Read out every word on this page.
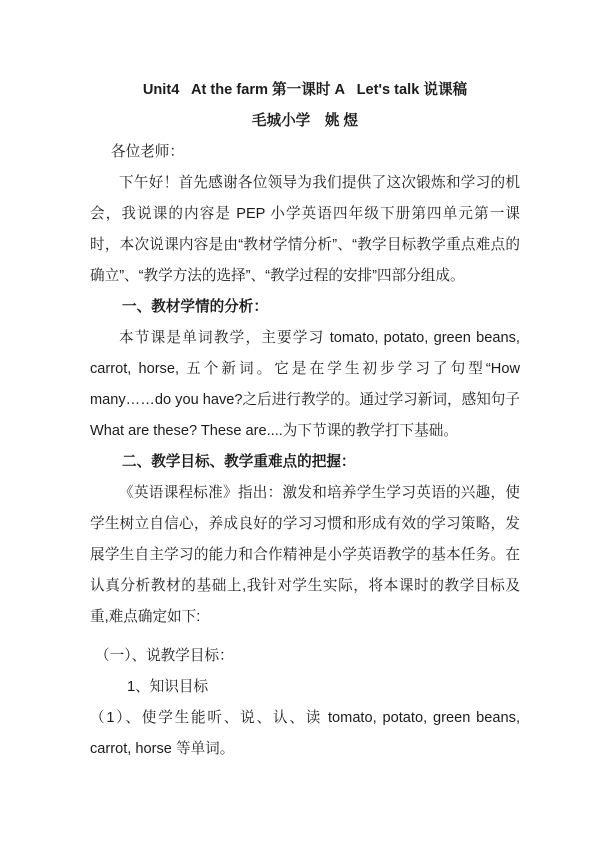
Unit4   At the farm 第一课时 A   Let's talk 说课稿

毛城小学　姚 煜

各位老师：

下午好！首先感谢各位领导为我们提供了这次锻炼和学习的机会，我说课的内容是 PEP 小学英语四年级下册第四单元第一课时，本次说课内容是由“教材学情分析”、“教学目标教学重点难点的确立”、“教学方法的选择”、“教学过程的安排”四部分组成。

一、教材学情的分析：

本节课是单词教学，主要学习 tomato, potato, green beans, carrot, horse, 五个新词。它是在学生初步学习了句型“How many……do you have?之后进行教学的。通过学习新词，感知句子 What are these? These are....为下节课的教学打下基础。

二、教学目标、教学重难点的把握：

《英语课程标准》指出：激发和培养学生学习英语的兴趣，使学生树立自信心，养成良好的学习习惯和形成有效的学习策略，发展学生自主学习的能力和合作精神是小学英语教学的基本任务。在认真分析教材的基础上,我针对学生实际，将本课时的教学目标及重,难点确定如下:

（一）、说教学目标：

1、知识目标

（1）、使学生能听、说、认、读 tomato, potato, green beans, carrot, horse 等单词。
